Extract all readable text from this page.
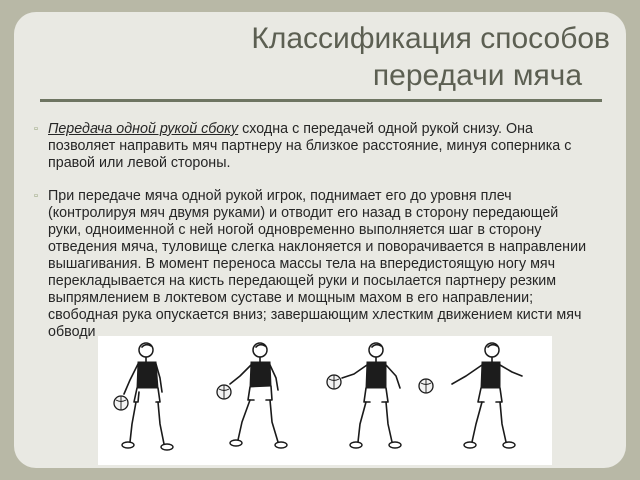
Классификация способов
передачи мяча
▫ Передача одной рукой сбоку сходна с передачей одной рукой снизу. Она позволяет направить мяч партнеру на близкое расстояние, минуя соперника с правой или левой стороны.
▫ При передаче мяча одной рукой игрок, поднимает его до уровня плеч (контролируя мяч двумя руками) и отводит его назад в сторону передающей руки, одноименной с ней ногой одновременно выполняется шаг в сторону отведения мяча, туловище слегка наклоняется и поворачивается в направлении вышагивания. В момент переноса массы тела на впередистоящую ногу мяч перекладывается на кисть передающей руки и посылается партнеру резким выпрямлением в локтевом суставе и мощным махом в его направлении; свободная рука опускается вниз; завершающим хлестким движением кисти мяч обводи
